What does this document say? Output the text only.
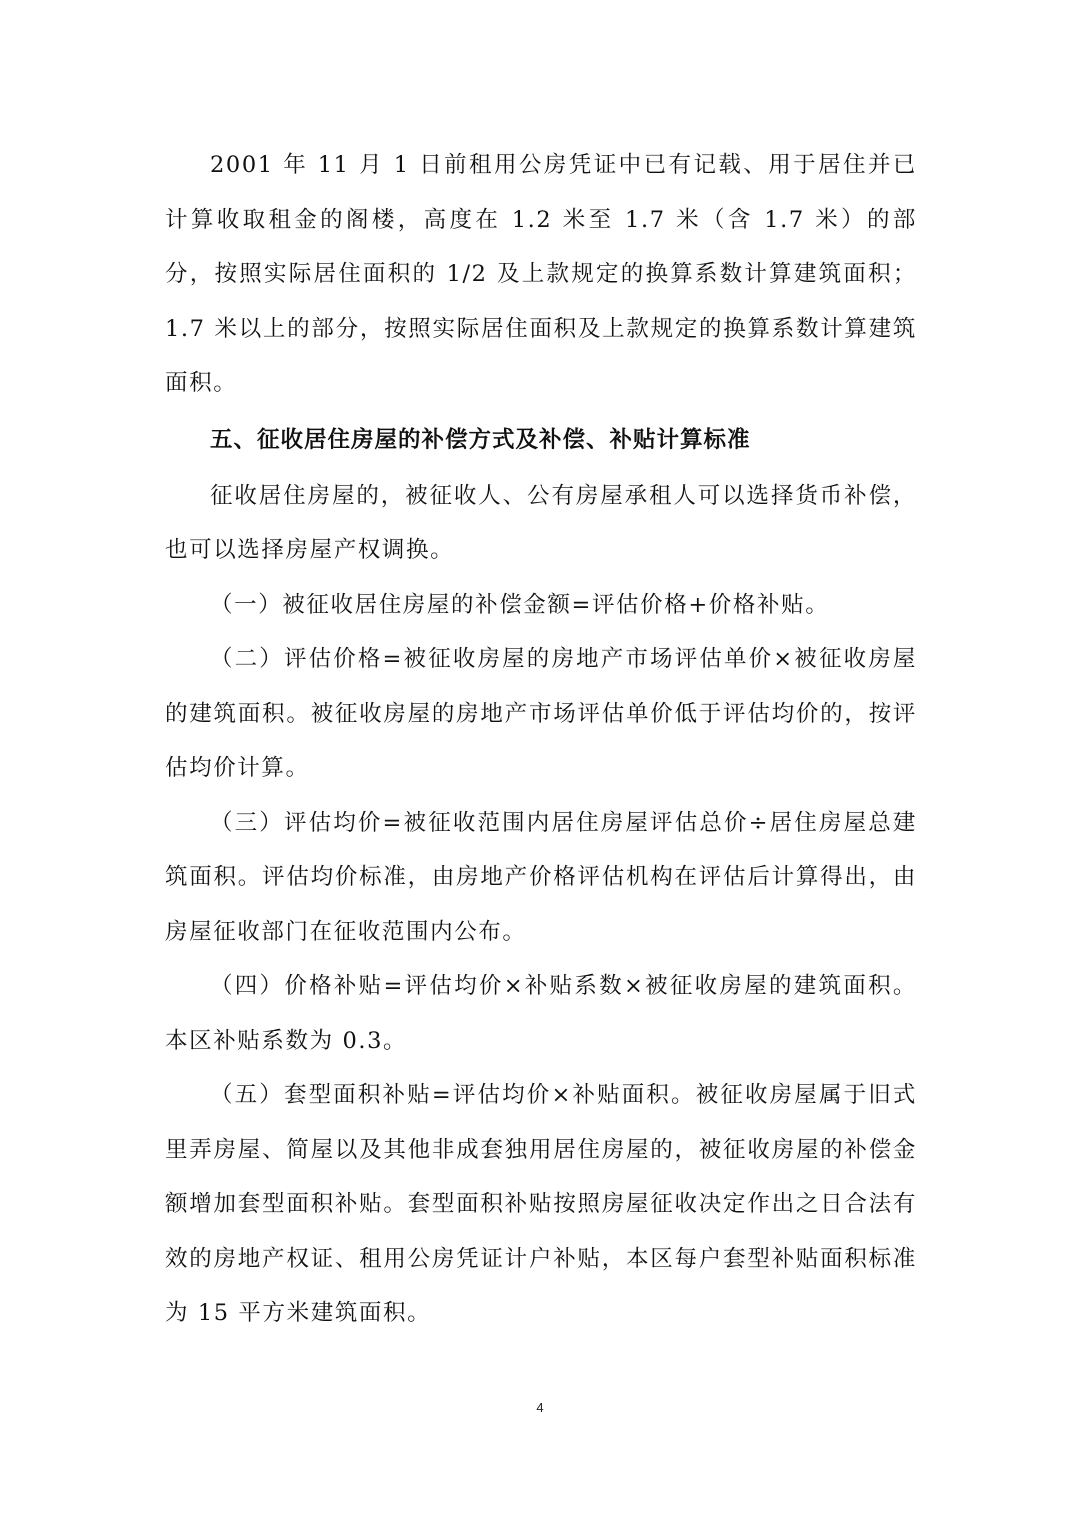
2001 年 11 月 1 日前租用公房凭证中已有记载、用于居住并已计算收取租金的阁楼，高度在 1.2 米至 1.7 米（含 1.7 米）的部分，按照实际居住面积的 1/2 及上款规定的换算系数计算建筑面积；1.7 米以上的部分，按照实际居住面积及上款规定的换算系数计算建筑面积。

五、征收居住房屋的补偿方式及补偿、补贴计算标准

征收居住房屋的，被征收人、公有房屋承租人可以选择货币补偿，也可以选择房屋产权调换。

（一）被征收居住房屋的补偿金额=评估价格+价格补贴。

（二）评估价格=被征收房屋的房地产市场评估单价×被征收房屋的建筑面积。被征收房屋的房地产市场评估单价低于评估均价的，按评估均价计算。

（三）评估均价=被征收范围内居住房屋评估总价÷居住房屋总建筑面积。评估均价标准，由房地产价格评估机构在评估后计算得出，由房屋征收部门在征收范围内公布。

（四）价格补贴=评估均价×补贴系数×被征收房屋的建筑面积。本区补贴系数为 0.3。

（五）套型面积补贴=评估均价×补贴面积。被征收房屋属于旧式里弄房屋、简屋以及其他非成套独用居住房屋的，被征收房屋的补偿金额增加套型面积补贴。套型面积补贴按照房屋征收决定作出之日合法有效的房地产权证、租用公房凭证计户补贴，本区每户套型补贴面积标准为 15 平方米建筑面积。

4
